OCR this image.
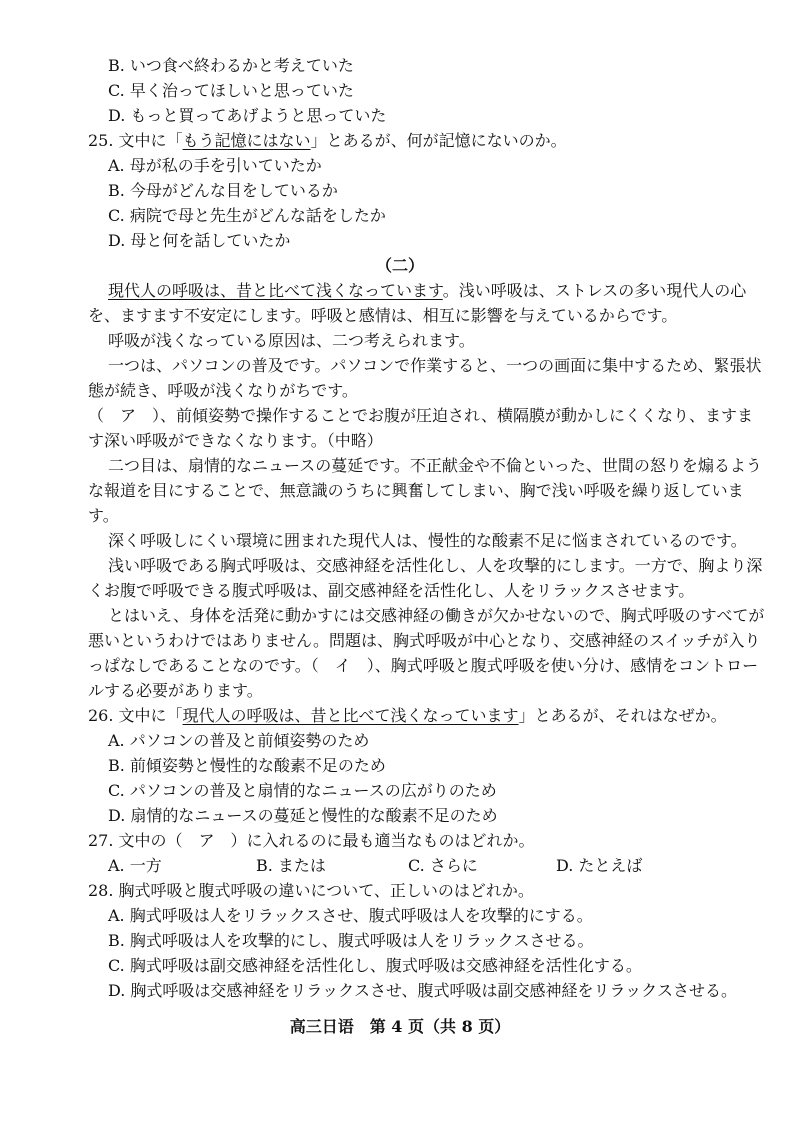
B. いつ食べ終わるかと考えていた
C. 早く治ってほしいと思っていた
D. もっと買ってあげようと思っていた
25. 文中に「もう記憶にはない」とあるが、何が記憶にないのか。
A. 母が私の手を引いていたか
B. 今母がどんな目をしているか
C. 病院で母と先生がどんな話をしたか
D. 母と何を話していたか
（二）
現代人の呼吸は、昔と比べて浅くなっています。浅い呼吸は、ストレスの多い現代人の心
を、ますます不安定にします。呼吸と感情は、相互に影響を与えているからです。
呼吸が浅くなっている原因は、二つ考えられます。
一つは、パソコンの普及です。パソコンで作業すると、一つの画面に集中するため、緊張状
態が続き、呼吸が浅くなりがちです。
（　ア　）、前傾姿勢で操作することでお腹が圧迫され、横隔膜が動かしにくくなり、ますま
す深い呼吸ができなくなります。（中略）
二つ目は、扇情的なニュースの蔓延です。不正献金や不倫といった、世間の怒りを煽るよう
な報道を目にすることで、無意識のうちに興奮してしまい、胸で浅い呼吸を繰り返していま
す。
深く呼吸しにくい環境に囲まれた現代人は、慢性的な酸素不足に悩まされているのです。
浅い呼吸である胸式呼吸は、交感神経を活性化し、人を攻撃的にします。一方で、胸より深
くお腹で呼吸できる腹式呼吸は、副交感神経を活性化し、人をリラックスさせます。
とはいえ、身体を活発に動かすには交感神経の働きが欠かせないので、胸式呼吸のすべてが
悪いというわけではありません。問題は、胸式呼吸が中心となり、交感神経のスイッチが入り
っぱなしであることなのです。（　イ　）、胸式呼吸と腹式呼吸を使い分け、感情をコントロー
ルする必要があります。
26. 文中に「現代人の呼吸は、昔と比べて浅くなっています」とあるが、それはなぜか。
A. パソコンの普及と前傾姿勢のため
B. 前傾姿勢と慢性的な酸素不足のため
C. パソコンの普及と扇情的なニュースの広がりのため
D. 扇情的なニュースの蔓延と慢性的な酸素不足のため
27. 文中の（　ア　）に入れるのに最も適当なものはどれか。
A. 一方	B. または	C. さらに	D. たとえば
28. 胸式呼吸と腹式呼吸の違いについて、正しいのはどれか。
A. 胸式呼吸は人をリラックスさせ、腹式呼吸は人を攻撃的にする。
B. 胸式呼吸は人を攻撃的にし、腹式呼吸は人をリラックスさせる。
C. 胸式呼吸は副交感神経を活性化し、腹式呼吸は交感神経を活性化する。
D. 胸式呼吸は交感神経をリラックスさせ、腹式呼吸は副交感神経をリラックスさせる。
高三日语　第 4 页（共 8 页）
